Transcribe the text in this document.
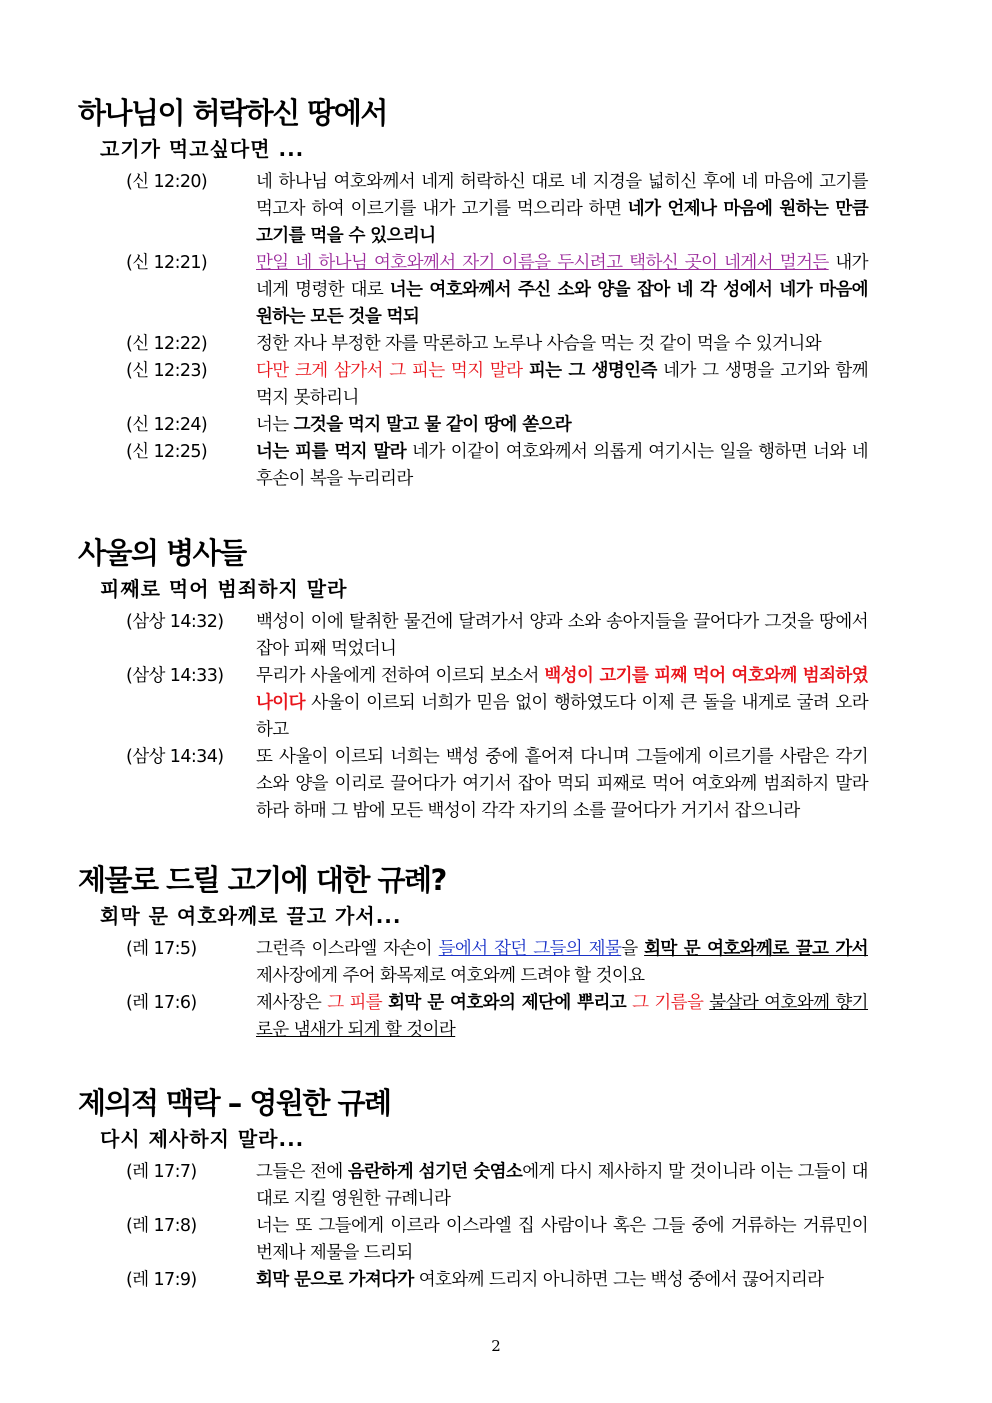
하나님이 허락하신 땅에서
고기가 먹고싶다면 ...
(신 12:20)	네 하나님 여호와께서 네게 허락하신 대로 네 지경을 넓히신 후에 네 마음에 고기를 먹고자 하여 이르기를 내가 고기를 먹으리라 하면 네가 언제나 마음에 원하는 만큼 고기를 먹을 수 있으리니
(신 12:21)	만일 네 하나님 여호와께서 자기 이름을 두시려고 택하신 곳이 네게서 멀거든 내가 네게 명령한 대로 너는 여호와께서 주신 소와 양을 잡아 네 각 성에서 네가 마음에 원하는 모든 것을 먹되
(신 12:22)	정한 자나 부정한 자를 막론하고 노루나 사슴을 먹는 것 같이 먹을 수 있거니와
(신 12:23)	다만 크게 삼가서 그 피는 먹지 말라 피는 그 생명인즉 네가 그 생명을 고기와 함께 먹지 못하리니
(신 12:24)	너는 그것을 먹지 말고 물 같이 땅에 쏟으라
(신 12:25)	너는 피를 먹지 말라 네가 이같이 여호와께서 의롭게 여기시는 일을 행하면 너와 네 후손이 복을 누리리라
사울의 병사들
피째로 먹어 범죄하지 말라
(삼상 14:32) 백성이 이에 탈취한 물건에 달려가서 양과 소와 송아지들을 끌어다가 그것을 땅에서 잡아 피째 먹었더니
(삼상 14:33) 무리가 사울에게 전하여 이르되 보소서 백성이 고기를 피째 먹어 여호와께 범죄하였나이다 사울이 이르되 너희가 믿음 없이 행하였도다 이제 큰 돌을 내게로 굴려 오라 하고
(삼상 14:34) 또 사울이 이르되 너희는 백성 중에 흩어져 다니며 그들에게 이르기를 사람은 각기 소와 양을 이리로 끌어다가 여기서 잡아 먹되 피째로 먹어 여호와께 범죄하지 말라 하라 하매 그 밤에 모든 백성이 각각 자기의 소를 끌어다가 거기서 잡으니라
제물로 드릴 고기에 대한 규례?
회막 문 여호와께로 끌고 가서...
(레 17:5)	그런즉 이스라엘 자손이 들에서 잡던 그들의 제물을 회막 문 여호와께로 끌고 가서 제사장에게 주어 화목제로 여호와께 드려야 할 것이요
(레 17:6)	제사장은 그 피를 회막 문 여호와의 제단에 뿌리고 그 기름을 불살라 여호와께 향기로운 냄새가 되게 할 것이라
제의적 맥락 – 영원한 규례
다시 제사하지 말라...
(레 17:7)	그들은 전에 음란하게 섬기던 숫염소에게 다시 제사하지 말 것이니라 이는 그들이 대대로 지킬 영원한 규례니라
(레 17:8)	너는 또 그들에게 이르라 이스라엘 집 사람이나 혹은 그들 중에 거류하는 거류민이 번제나 제물을 드리되
(레 17:9)	회막 문으로 가져다가 여호와께 드리지 아니하면 그는 백성 중에서 끊어지리라
2
